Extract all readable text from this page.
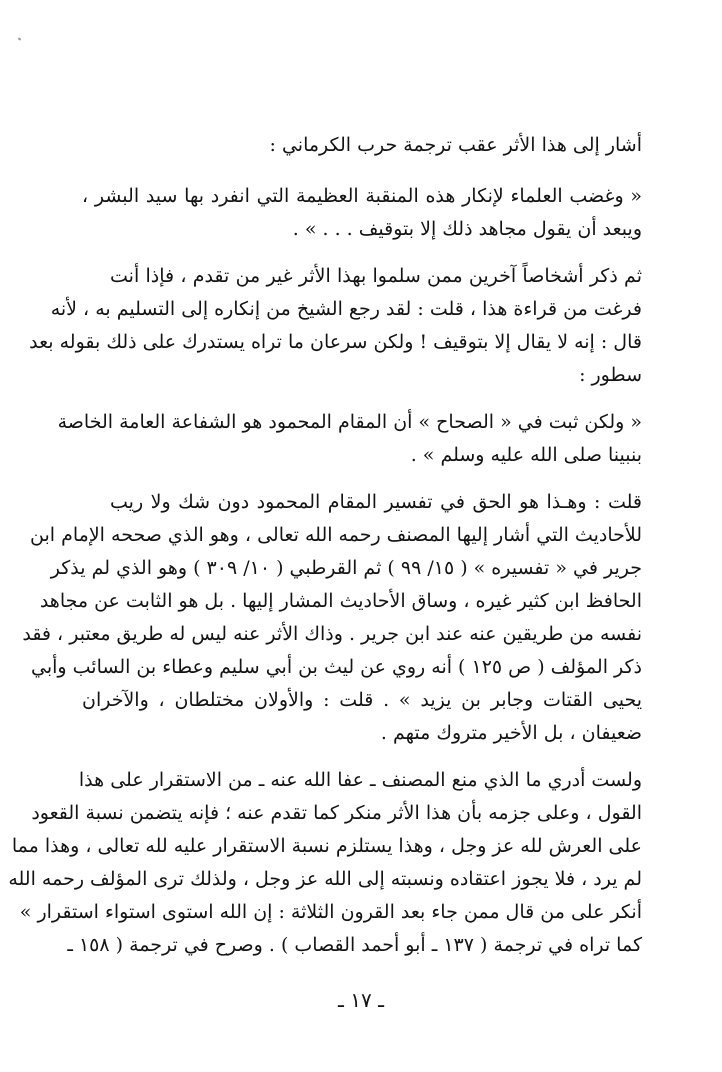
أشار إلى هذا الأثر عقب ترجمة حرب الكرماني :
« وغضب العلماء لإنكار هذه المنقبة العظيمة التي انفرد بها سيد البشر ،
ويبعد أن يقول مجاهد ذلك إلا بتوقيف . . . » .
ثم ذكر أشخاصاً آخرين ممن سلموا بهذا الأثر غير من تقدم ، فإذا أنت
فرغت من قراءة هذا ، قلت : لقد رجع الشيخ من إنكاره إلى التسليم به ، لأنه
قال : إنه لا يقال إلا بتوقيف ! ولكن سرعان ما تراه يستدرك على ذلك بقوله بعد
سطور :
« ولكن ثبت في « الصحاح » أن المقام المحمود هو الشفاعة العامة الخاصة
بنبينا صلى الله عليه وسلم » .
قلت : وهـذا هو الحق في تفسير المقام المحمود دون شك ولا ريب
للأحاديث التي أشار إليها المصنف رحمه الله تعالى ، وهو الذي صححه الإمام ابن
جرير في « تفسيره » ( ١٥/ ٩٩ ) ثم القرطبي ( ١٠/ ٣٠٩ ) وهو الذي لم يذكر
الحافظ ابن كثير غيره ، وساق الأحاديث المشار إليها . بل هو الثابت عن مجاهد
نفسه من طريقين عنه عند ابن جرير . وذاك الأثر عنه ليس له طريق معتبر ، فقد
ذكر المؤلف ( ص ١٢٥ ) أنه روي عن ليث بن أبي سليم وعطاء بن السائب وأبي
يحيى القتات وجابر بن يزيد » . قلت : والأولان مختلطان ، والآخران
ضعيفان ، بل الأخير متروك متهم .
ولست أدري ما الذي منع المصنف ـ عفا الله عنه ـ من الاستقرار على هذا
القول ، وعلى جزمه بأن هذا الأثر منكر كما تقدم عنه ؛ فإنه يتضمن نسبة القعود
على العرش لله عز وجل ، وهذا يستلزم نسبة الاستقرار عليه لله تعالى ، وهذا مما
لم يرد ، فلا يجوز اعتقاده ونسبته إلى الله عز وجل ، ولذلك ترى المؤلف رحمه الله
أنكر على من قال ممن جاء بعد القرون الثلاثة : إن الله استوى استواء استقرار »
كما تراه في ترجمة ( ١٣٧ ـ أبو أحمد القصاب ) . وصرح في ترجمة ( ١٥٨ ـ
ـ ١٧ ـ
